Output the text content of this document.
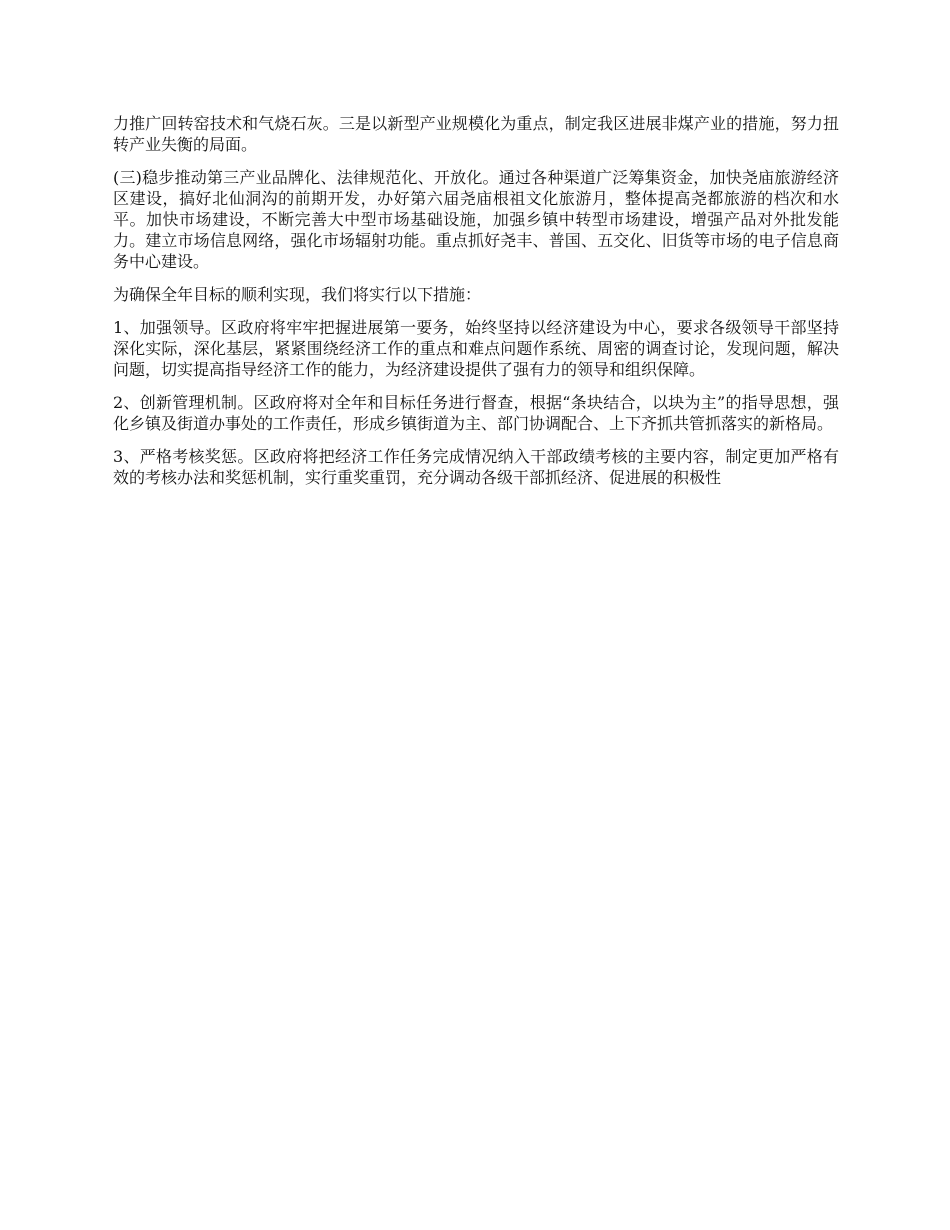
力推广回转窑技术和气烧石灰。三是以新型产业规模化为重点，制定我区进展非煤产业的措施，努力扭转产业失衡的局面。

(三)稳步推动第三产业品牌化、法律规范化、开放化。通过各种渠道广泛筹集资金，加快尧庙旅游经济区建设，搞好北仙洞沟的前期开发，办好第六届尧庙根祖文化旅游月，整体提高尧都旅游的档次和水平。加快市场建设，不断完善大中型市场基础设施，加强乡镇中转型市场建设，增强产品对外批发能力。建立市场信息网络，强化市场辐射功能。重点抓好尧丰、普国、五交化、旧货等市场的电子信息商务中心建设。

为确保全年目标的顺利实现，我们将实行以下措施：

1、加强领导。区政府将牢牢把握进展第一要务，始终坚持以经济建设为中心，要求各级领导干部坚持深化实际，深化基层，紧紧围绕经济工作的重点和难点问题作系统、周密的调查讨论，发现问题，解决问题，切实提高指导经济工作的能力，为经济建设提供了强有力的领导和组织保障。

2、创新管理机制。区政府将对全年和目标任务进行督查，根据“条块结合，以块为主”的指导思想，强化乡镇及街道办事处的工作责任，形成乡镇街道为主、部门协调配合、上下齐抓共管抓落实的新格局。

3、严格考核奖惩。区政府将把经济工作任务完成情况纳入干部政绩考核的主要内容，制定更加严格有效的考核办法和奖惩机制，实行重奖重罚，充分调动各级干部抓经济、促进展的积极性
